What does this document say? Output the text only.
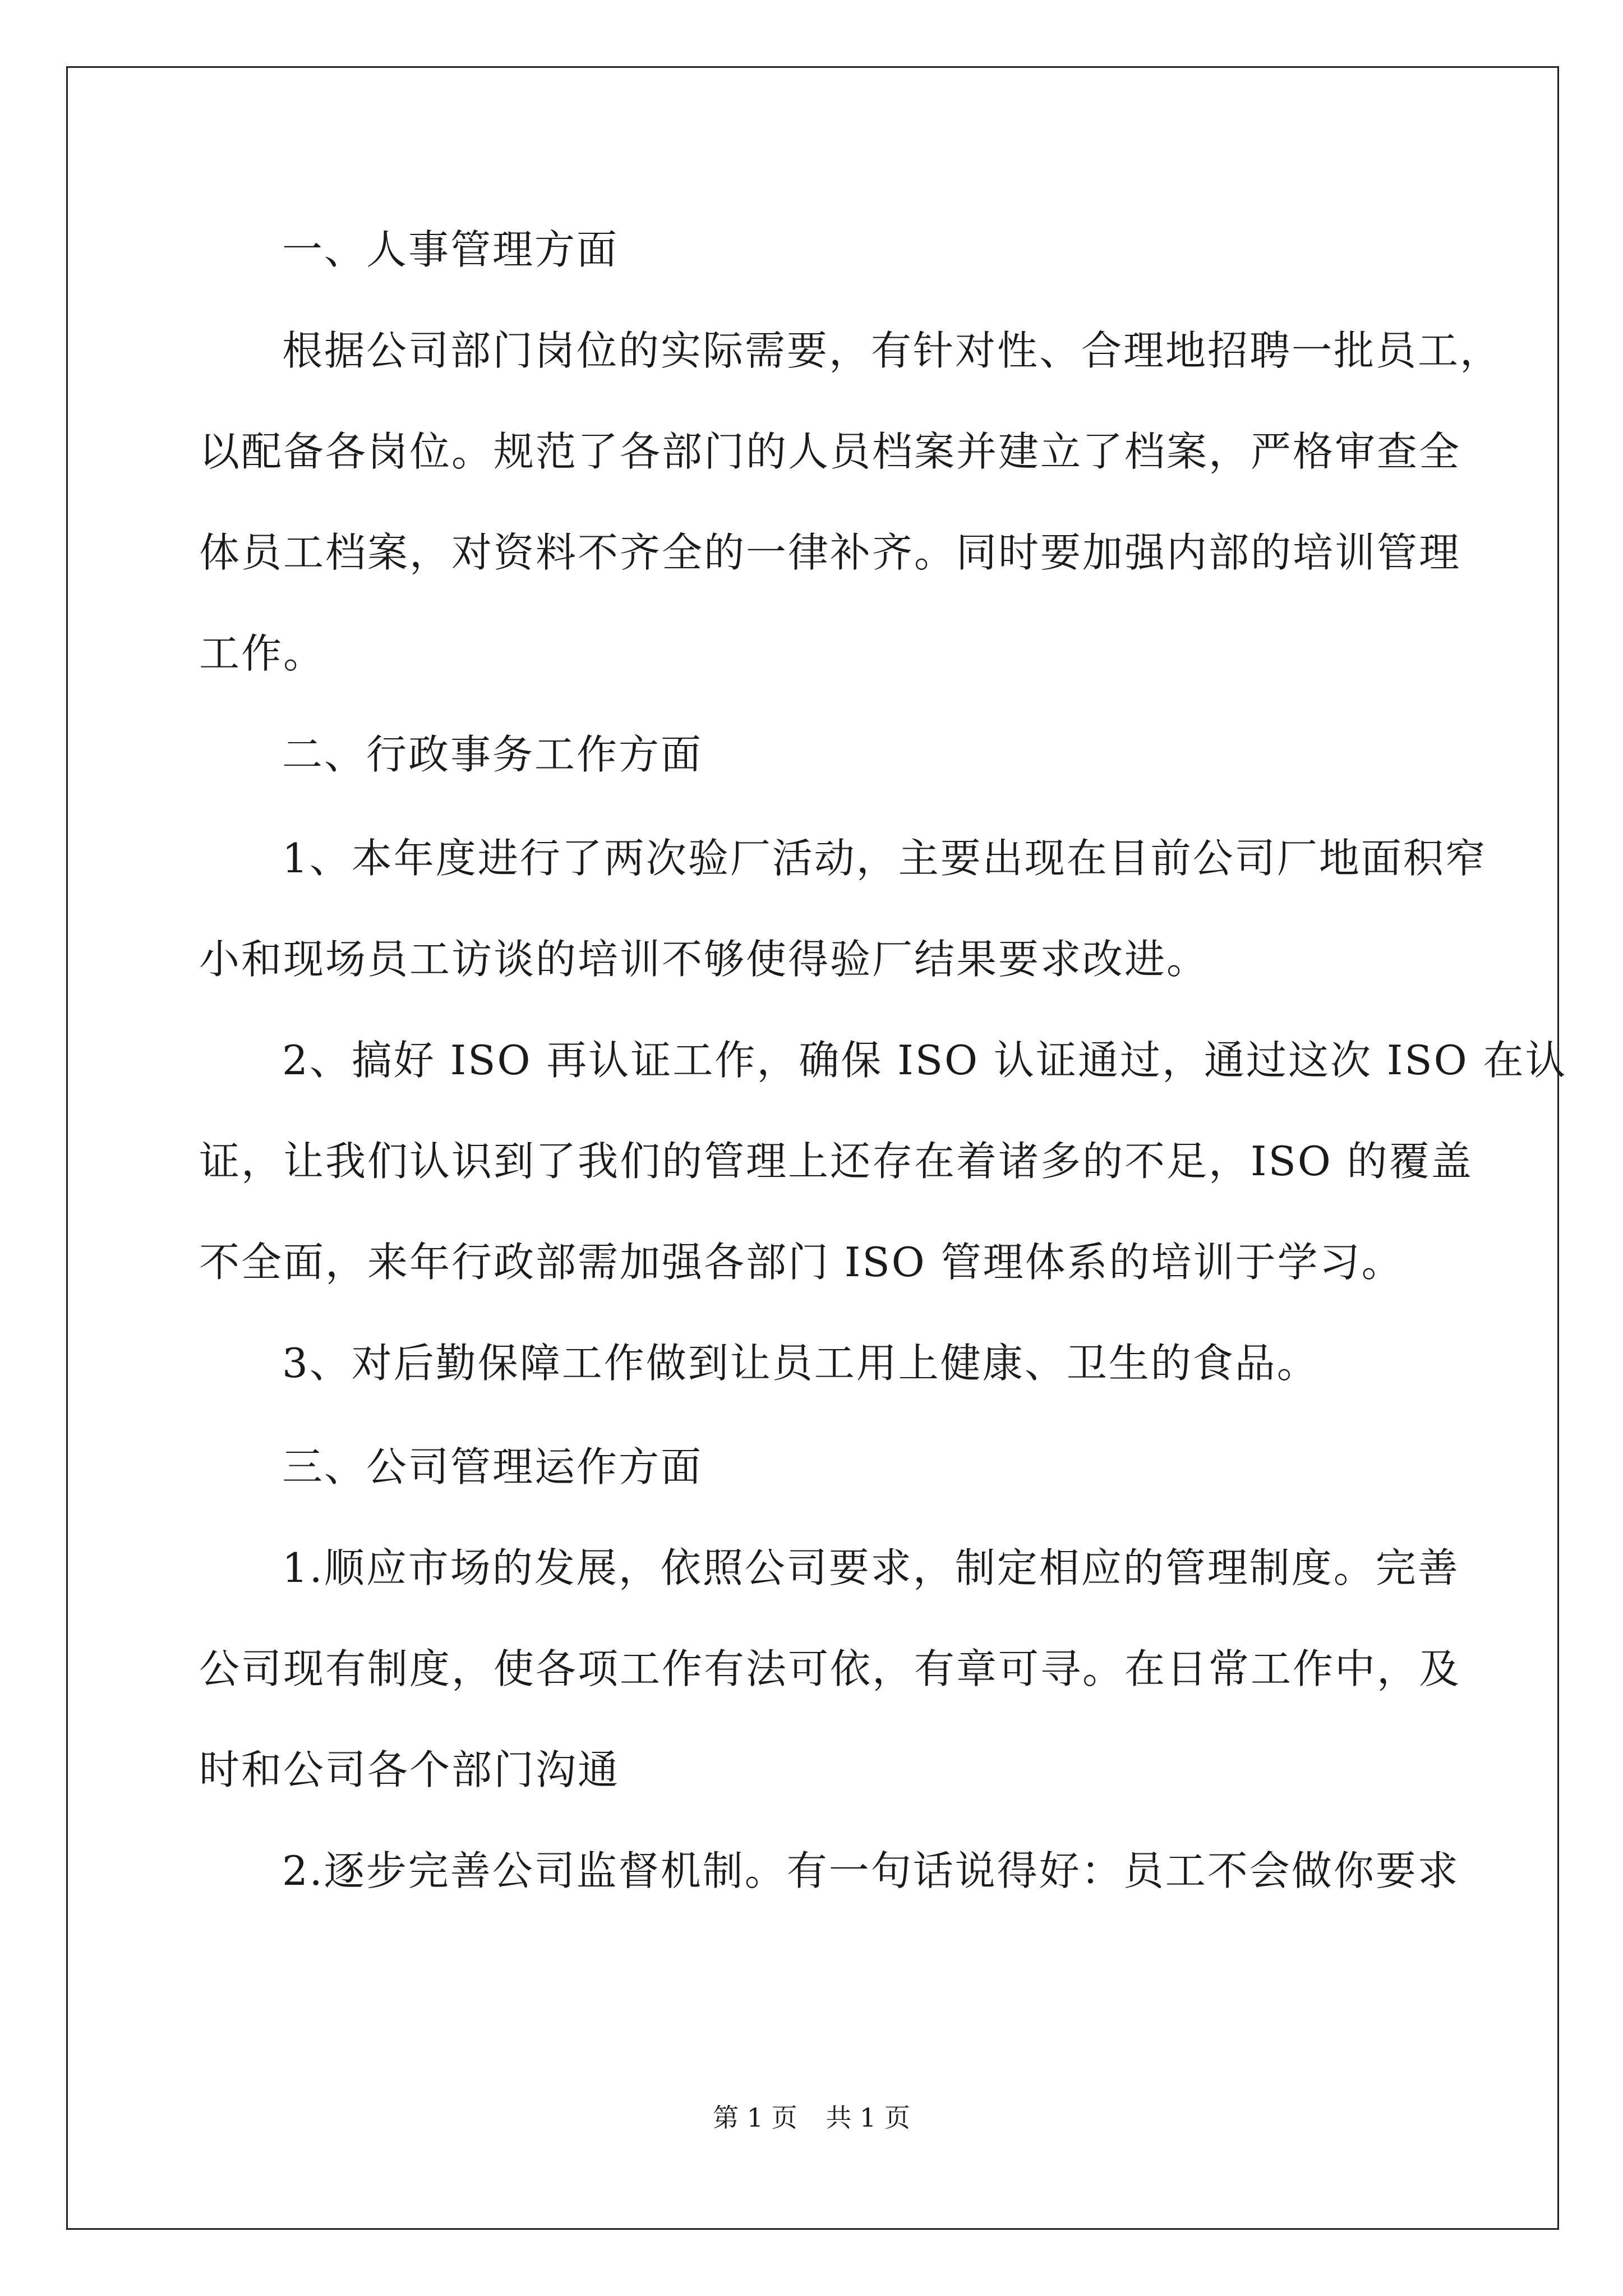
一、人事管理方面
根据公司部门岗位的实际需要，有针对性、合理地招聘一批员工，
以配备各岗位。规范了各部门的人员档案并建立了档案，严格审查全
体员工档案，对资料不齐全的一律补齐。同时要加强内部的培训管理
工作。
二、行政事务工作方面
1、本年度进行了两次验厂活动，主要出现在目前公司厂地面积窄
小和现场员工访谈的培训不够使得验厂结果要求改进。
2、搞好 ISO 再认证工作，确保 ISO 认证通过，通过这次 ISO 在认
证，让我们认识到了我们的管理上还存在着诸多的不足，ISO 的覆盖
不全面，来年行政部需加强各部门 ISO 管理体系的培训于学习。
3、对后勤保障工作做到让员工用上健康、卫生的食品。
三、公司管理运作方面
1.顺应市场的发展，依照公司要求，制定相应的管理制度。完善
公司现有制度，使各项工作有法可依，有章可寻。在日常工作中，及
时和公司各个部门沟通
2.逐步完善公司监督机制。有一句话说得好：员工不会做你要求
第 1 页 共 1 页
